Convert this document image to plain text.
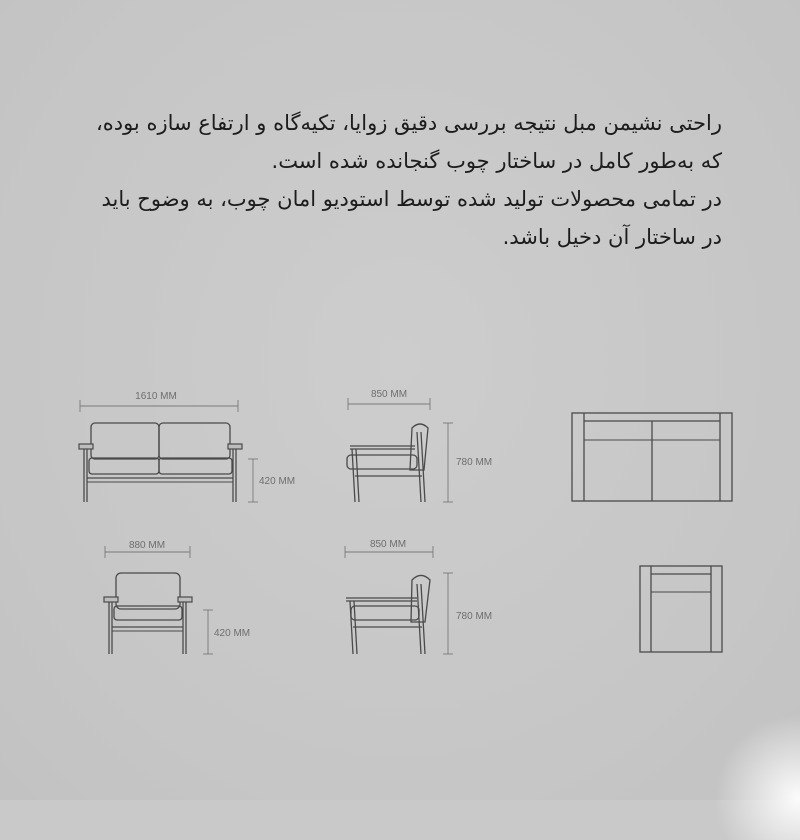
راحتی نشیمن مبل نتیجه بررسی دقیق زوایا، تکیه‌گاه و ارتفاع سازه بوده،

که به‌طور کامل در ساختار چوب گنجانده شده است.

در تمامی محصولات تولید شده توسط استودیو امان چوب، به وضوح باید

در ساختار آن دخیل باشد.

1610 MM
420 MM
850 MM
780 MM
880 MM
420 MM
850 MM
780 MM
